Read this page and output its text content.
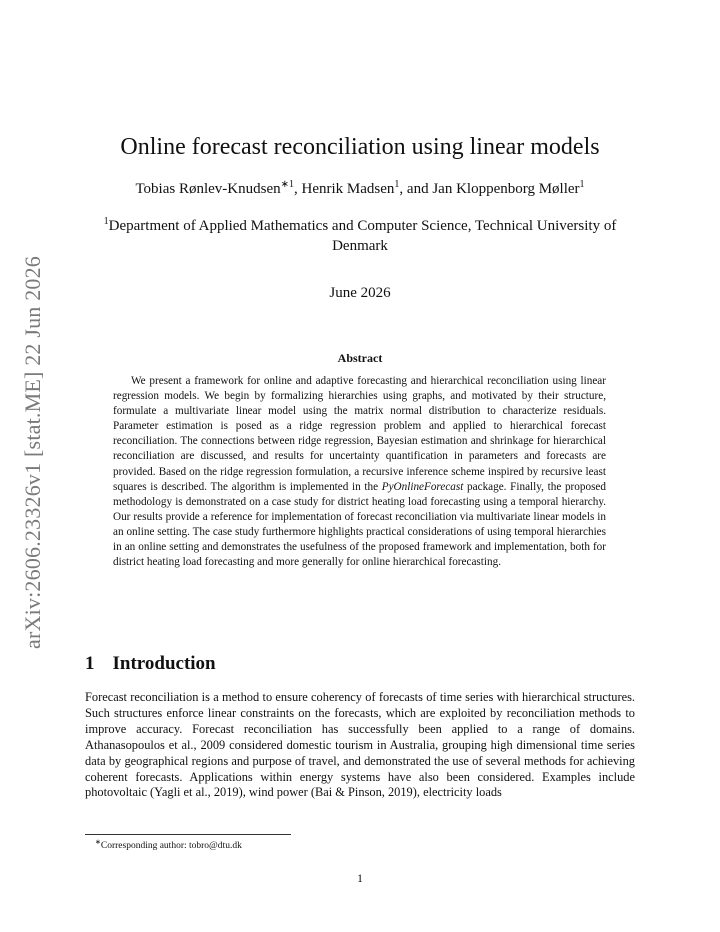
arXiv:2606.23326v1 [stat.ME] 22 Jun 2026
Online forecast reconciliation using linear models
Tobias Rønlev-Knudsen$^{∗1}$, Henrik Madsen$^1$, and Jan Kloppenborg Møller$^1$
$^1$Department of Applied Mathematics and Computer Science, Technical University of Denmark
June 2026
Abstract

We present a framework for online and adaptive forecasting and hierarchical reconciliation using linear regression models. We begin by formalizing hierarchies using graphs, and motivated by their structure, formulate a multivariate linear model using the matrix normal distribution to characterize residuals. Parameter estimation is posed as a ridge regression problem and applied to hierarchical forecast reconciliation. The connections between ridge regression, Bayesian estimation and shrinkage for hierarchical reconciliation are discussed, and results for uncertainty quantification in parameters and forecasts are provided. Based on the ridge regression formulation, a recursive inference scheme inspired by recursive least squares is described. The algorithm is implemented in the PyOnlineForecast package. Finally, the proposed methodology is demonstrated on a case study for district heating load forecasting using a temporal hierarchy. Our results provide a reference for implementation of forecast reconciliation via multivariate linear models in an online setting. The case study furthermore highlights practical considerations of using temporal hierarchies in an online setting and demonstrates the usefulness of the proposed framework and implementation, both for district heating load forecasting and more generally for online hierarchical forecasting.

1 Introduction

Forecast reconciliation is a method to ensure coherency of forecasts of time series with hierarchical structures. Such structures enforce linear constraints on the forecasts, which are exploited by reconciliation methods to improve accuracy. Forecast reconciliation has successfully been applied to a range of domains. Athanasopoulos et al., 2009 considered domestic tourism in Australia, grouping high dimensional time series data by geographical regions and purpose of travel, and demonstrated the use of several methods for achieving coherent forecasts. Applications within energy systems have also been considered. Examples include photovoltaic (Yagli et al., 2019), wind power (Bai & Pinson, 2019), electricity loads

∗Corresponding author: tobro@dtu.dk
1
